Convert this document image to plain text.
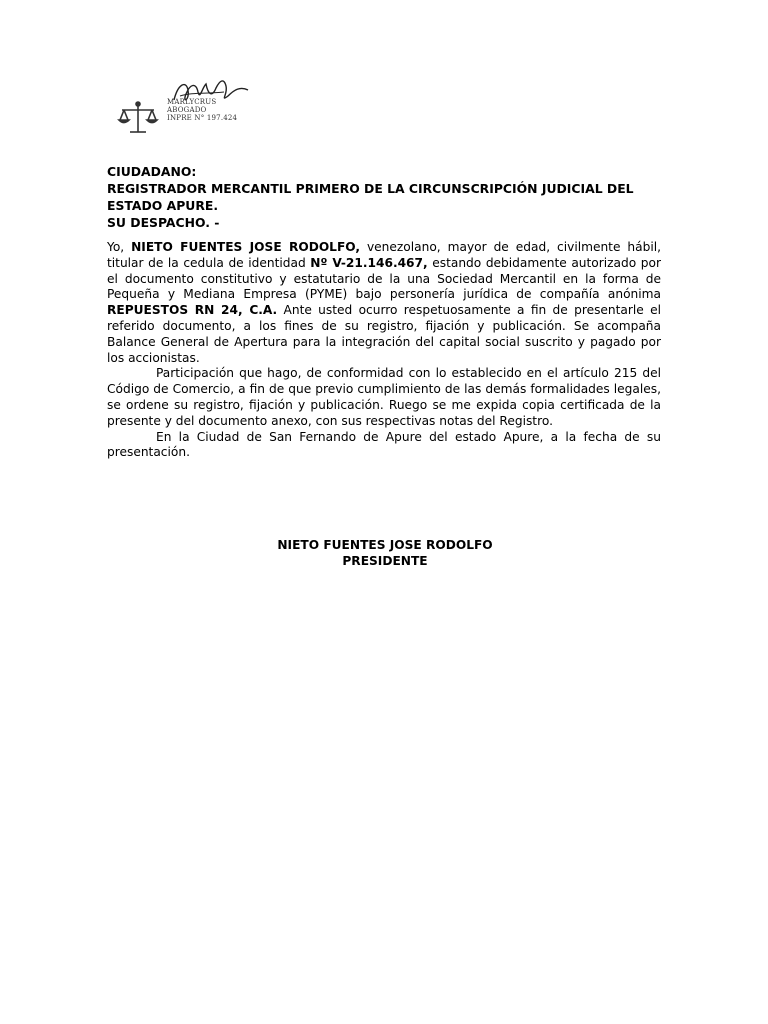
MARLYCRUS
ABOGADO
INPRE N° 197.424
CIUDADANO:
REGISTRADOR MERCANTIL PRIMERO DE LA CIRCUNSCRIPCIÓN JUDICIAL DEL ESTADO APURE.
SU DESPACHO. -

Yo, NIETO FUENTES JOSE RODOLFO, venezolano, mayor de edad, civilmente hábil, titular de la cedula de identidad Nº V-21.146.467, estando debidamente autorizado por el documento constitutivo y estatutario de la una Sociedad Mercantil en la forma de Pequeña y Mediana Empresa (PYME) bajo personería jurídica de compañía anónima REPUESTOS RN 24, C.A. Ante usted ocurro respetuosamente a fin de presentarle el referido documento, a los fines de su registro, fijación y publicación. Se acompaña Balance General de Apertura para la integración del capital social suscrito y pagado por los accionistas.

Participación que hago, de conformidad con lo establecido en el artículo 215 del Código de Comercio, a fin de que previo cumplimiento de las demás formalidades legales, se ordene su registro, fijación y publicación. Ruego se me expida copia certificada de la presente y del documento anexo, con sus respectivas notas del Registro.

En la Ciudad de San Fernando de Apure del estado Apure, a la fecha de su presentación.

NIETO FUENTES JOSE RODOLFO
PRESIDENTE
